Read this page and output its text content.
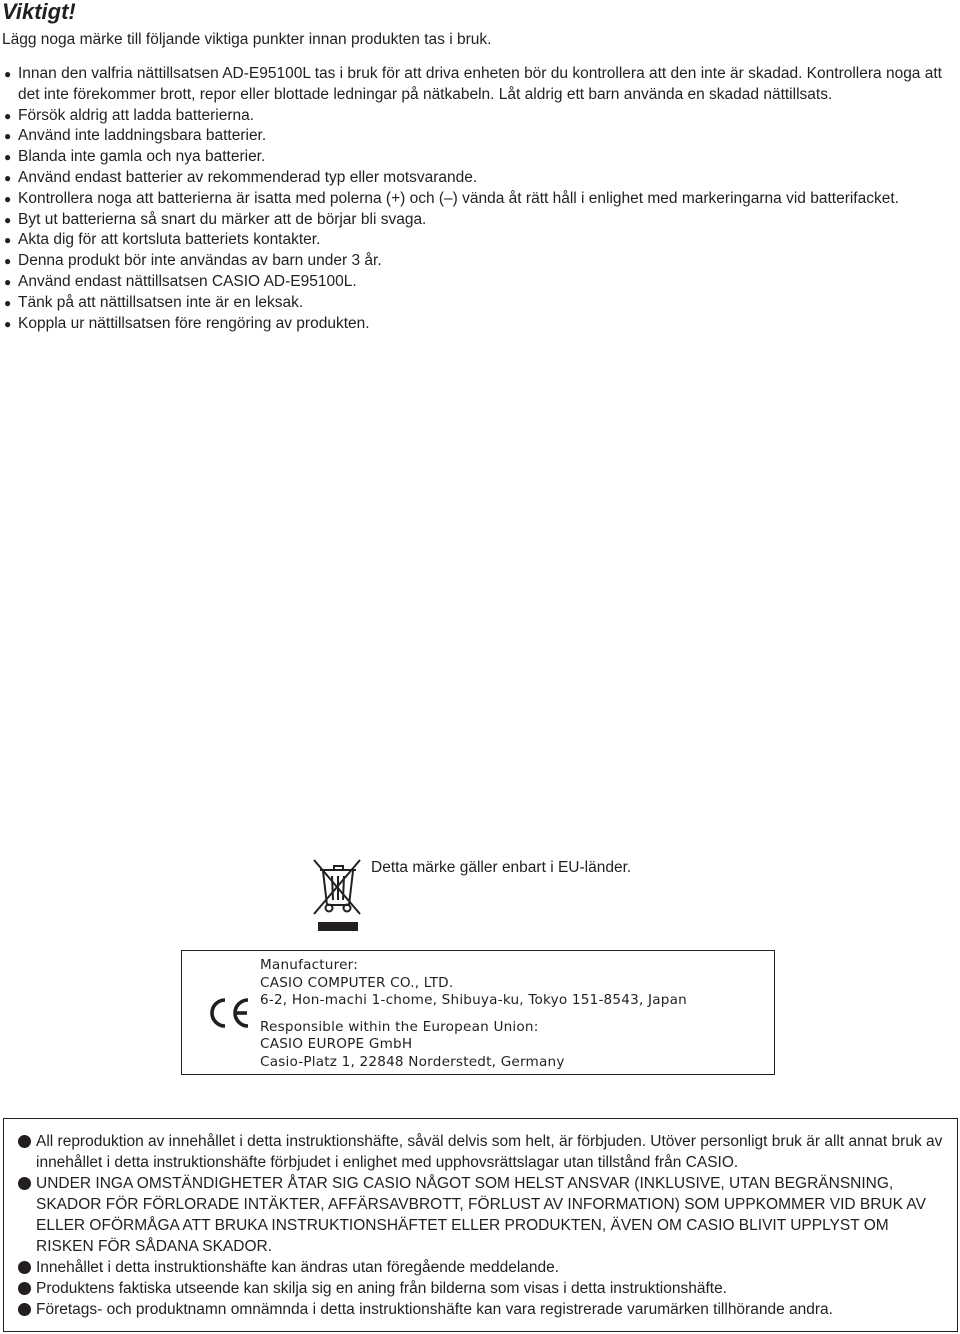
Viktigt!
Lägg noga märke till följande viktiga punkter innan produkten tas i bruk.
● Innan den valfria nättillsatsen AD-E95100L tas i bruk för att driva enheten bör du kontrollera att den inte är skadad. Kontrollera noga att det inte förekommer brott, repor eller blottade ledningar på nätkabeln. Låt aldrig ett barn använda en skadad nättillsats.
● Försök aldrig att ladda batterierna.
● Använd inte laddningsbara batterier.
● Blanda inte gamla och nya batterier.
● Använd endast batterier av rekommenderad typ eller motsvarande.
● Kontrollera noga att batterierna är isatta med polerna (+) och (–) vända åt rätt håll i enlighet med markeringarna vid batterifacket.
● Byt ut batterierna så snart du märker att de börjar bli svaga.
● Akta dig för att kortsluta batteriets kontakter.
● Denna produkt bör inte användas av barn under 3 år.
● Använd endast nättillsatsen CASIO AD-E95100L.
● Tänk på att nättillsatsen inte är en leksak.
● Koppla ur nättillsatsen före rengöring av produkten.
Detta märke gäller enbart i EU-länder.
Manufacturer:
CASIO COMPUTER CO., LTD.
6-2, Hon-machi 1-chome, Shibuya-ku, Tokyo 151-8543, Japan
Responsible within the European Union:
CASIO EUROPE GmbH
Casio-Platz 1, 22848 Norderstedt, Germany
All reproduktion av innehållet i detta instruktionshäfte, såväl delvis som helt, är förbjuden. Utöver personligt bruk är allt annat bruk av innehållet i detta instruktionshäfte förbjudet i enlighet med upphovsrättslagar utan tillstånd från CASIO.
UNDER INGA OMSTÄNDIGHETER ÅTAR SIG CASIO NÅGOT SOM HELST ANSVAR (INKLUSIVE, UTAN BEGRÄNSNING, SKADOR FÖR FÖRLORADE INTÄKTER, AFFÄRSAVBROTT, FÖRLUST AV INFORMATION) SOM UPPKOMMER VID BRUK AV ELLER OFÖRMÅGA ATT BRUKA INSTRUKTIONSHÄFTET ELLER PRODUKTEN, ÄVEN OM CASIO BLIVIT UPPLYST OM RISKEN FÖR SÅDANA SKADOR.
Innehållet i detta instruktionshäfte kan ändras utan föregående meddelande.
Produktens faktiska utseende kan skilja sig en aning från bilderna som visas i detta instruktionshäfte.
Företags- och produktnamn omnämnda i detta instruktionshäfte kan vara registrerade varumärken tillhörande andra.
